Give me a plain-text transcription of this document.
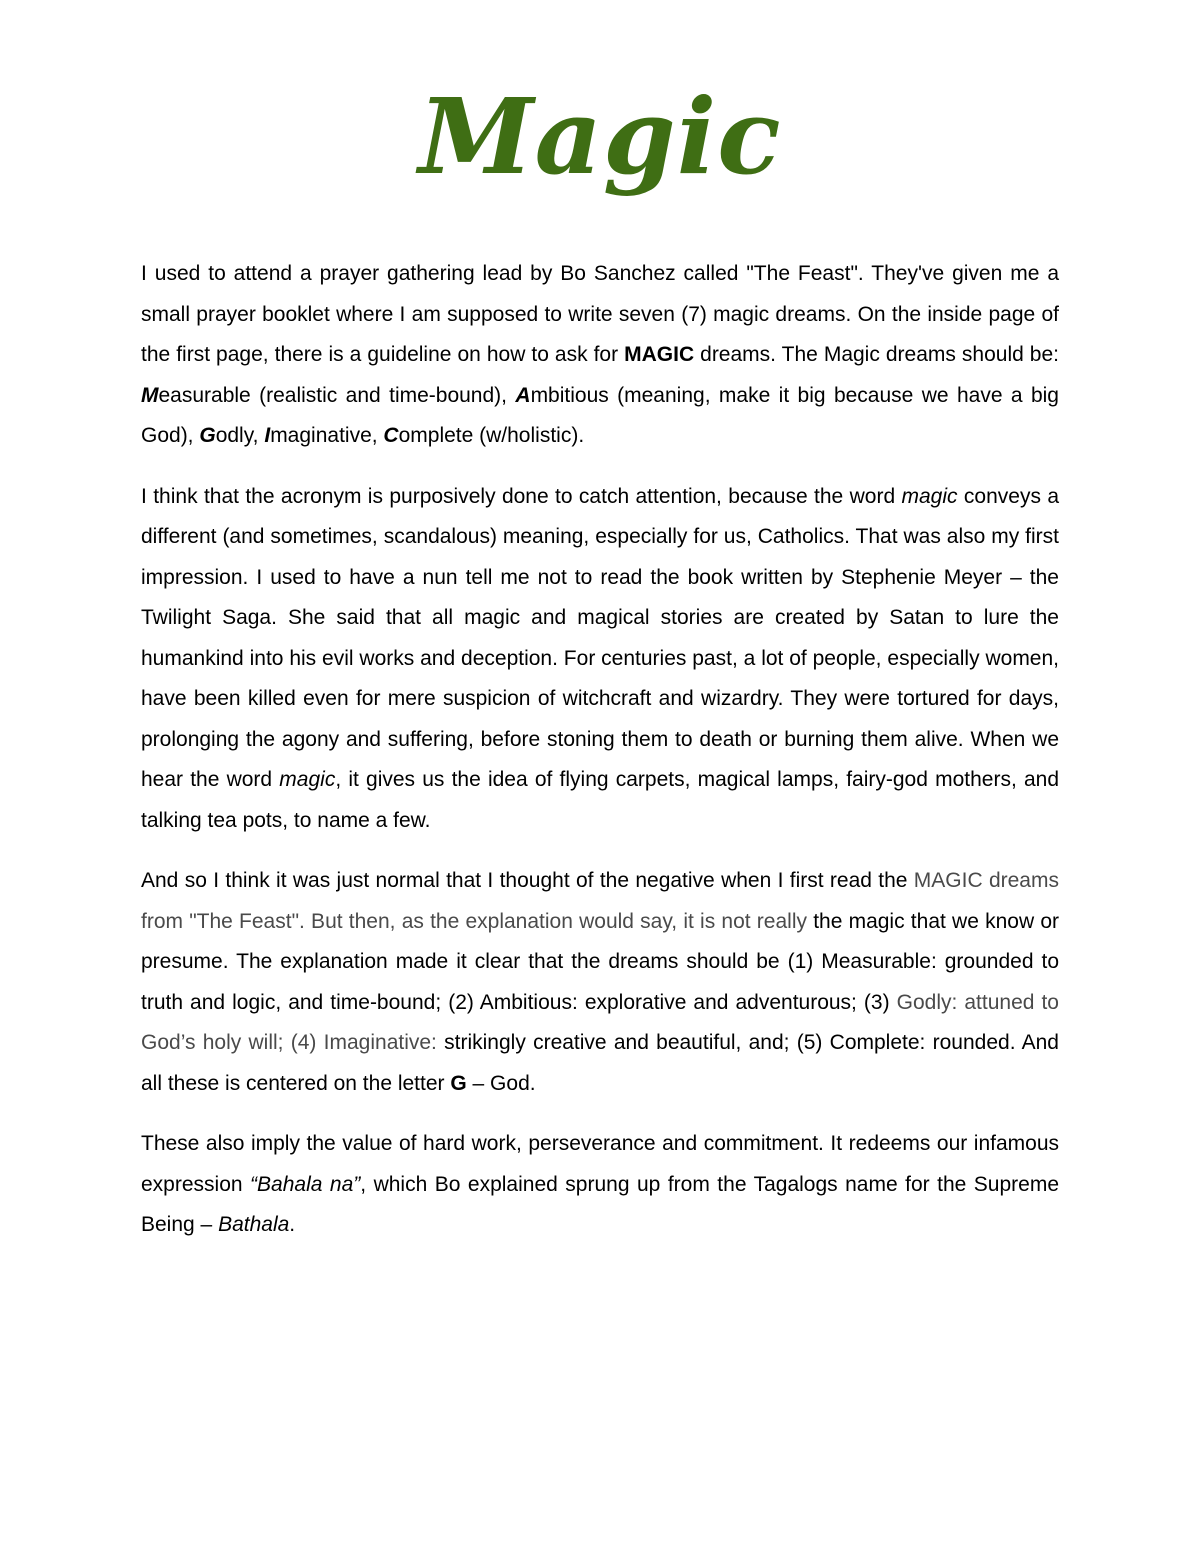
Magic

I used to attend a prayer gathering lead by Bo Sanchez called "The Feast". They've given me a small prayer booklet where I am supposed to write seven (7) magic dreams. On the inside page of the first page, there is a guideline on how to ask for MAGIC dreams. The Magic dreams should be: Measurable (realistic and time-bound), Ambitious (meaning, make it big because we have a big God), Godly, Imaginative, Complete (w/holistic).

I think that the acronym is purposively done to catch attention, because the word magic conveys a different (and sometimes, scandalous) meaning, especially for us, Catholics. That was also my first impression. I used to have a nun tell me not to read the book written by Stephenie Meyer – the Twilight Saga. She said that all magic and magical stories are created by Satan to lure the humankind into his evil works and deception. For centuries past, a lot of people, especially women, have been killed even for mere suspicion of witchcraft and wizardry. They were tortured for days, prolonging the agony and suffering, before stoning them to death or burning them alive. When we hear the word magic, it gives us the idea of flying carpets, magical lamps, fairy-god mothers, and talking tea pots, to name a few.

And so I think it was just normal that I thought of the negative when I first read the MAGIC dreams from "The Feast". But then, as the explanation would say, it is not really the magic that we know or presume. The explanation made it clear that the dreams should be (1) Measurable: grounded to truth and logic, and time-bound; (2) Ambitious: explorative and adventurous; (3) Godly: attuned to God’s holy will; (4) Imaginative: strikingly creative and beautiful, and; (5) Complete: rounded. And all these is centered on the letter G – God.

These also imply the value of hard work, perseverance and commitment. It redeems our infamous expression “Bahala na”, which Bo explained sprung up from the Tagalogs name for the Supreme Being – Bathala.
